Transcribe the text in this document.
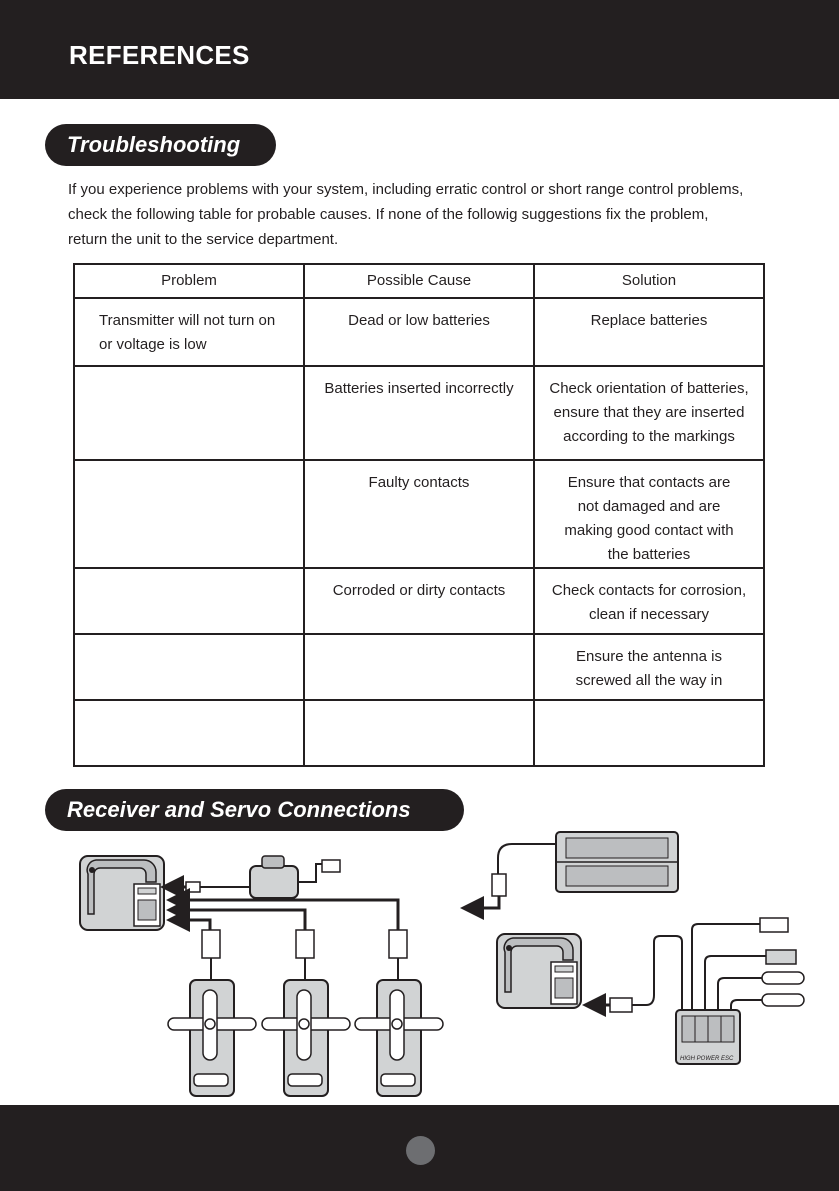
REFERENCES
Troubleshooting

If you experience problems with your system, including erratic control or short range control problems,

check the following table for probable causes. If none of the followig suggestions fix the problem,

return the unit to the service department.

Problem	Possible Cause	Solution

Transmitter will not turn on
or voltage is low	Dead or low batteries	Replace batteries

	Batteries inserted incorrectly	Check orientation of batteries,
ensure that they are inserted
according to the markings

	Faulty contacts	Ensure that contacts are
not damaged and are
making good contact with
the batteries

	Corroded or dirty contacts	Check contacts for corrosion,
clean if necessary

		Ensure the antenna is
screwed all the way in

Receiver and Servo Connections
HIGH POWER ESC
